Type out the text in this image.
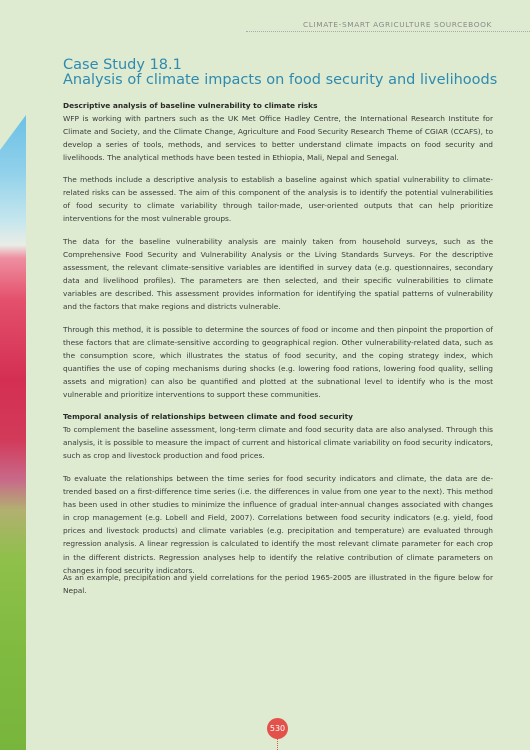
CLIMATE-SMART AGRICULTURE SOURCEBOOK
Case Study 18.1
Analysis of climate impacts on food security and livelihoods
Descriptive analysis of baseline vulnerability to climate risks
WFP is working with partners such as the UK Met Office Hadley Centre, the International Research Institute for Climate and Society, and the Climate Change, Agriculture and Food Security Research Theme of CGIAR (CCAFS), to develop a series of tools, methods, and services to better understand climate impacts on food security and livelihoods. The analytical methods have been tested in Ethiopia, Mali, Nepal and Senegal.
The methods include a descriptive analysis to establish a baseline against which spatial vulnerability to climate-related risks can be assessed. The aim of this component of the analysis is to identify the potential vulnerabilities of food security to climate variability through tailor-made, user-oriented outputs that can help prioritize interventions for the most vulnerable groups.
The data for the baseline vulnerability analysis are mainly taken from household surveys, such as the Comprehensive Food Security and Vulnerability Analysis or the Living Standards Surveys. For the descriptive assessment, the relevant climate-sensitive variables are identified in survey data (e.g. questionnaires, secondary data and livelihood profiles). The parameters are then selected, and their specific vulnerabilities to climate variables are described. This assessment provides information for identifying the spatial patterns of vulnerability and the factors that make regions and districts vulnerable.
Through this method, it is possible to determine the sources of food or income and then pinpoint the proportion of these factors that are climate-sensitive according to geographical region. Other vulnerability-related data, such as the consumption score, which illustrates the status of food security, and the coping strategy index, which quantifies the use of coping mechanisms during shocks (e.g. lowering food rations, lowering food quality, selling assets and migration) can also be quantified and plotted at the subnational level to identify who is the most vulnerable and prioritize interventions to support these communities.
Temporal analysis of relationships between climate and food security
To complement the baseline assessment, long-term climate and food security data are also analysed. Through this analysis, it is possible to measure the impact of current and historical climate variability on food security indicators, such as crop and livestock production and food prices.
To evaluate the relationships between the time series for food security indicators and climate, the data are de-trended based on a first-difference time series (i.e. the differences in value from one year to the next). This method has been used in other studies to minimize the influence of gradual inter-annual changes associated with changes in crop management (e.g. Lobell and Field, 2007). Correlations between food security indicators (e.g. yield, food prices and livestock products) and climate variables (e.g. precipitation and temperature) are evaluated through regression analysis. A linear regression is calculated to identify the most relevant climate parameter for each crop in the different districts. Regression analyses help to identify the relative contribution of climate parameters on changes in food security indicators.
As an example, precipitation and yield correlations for the period 1965-2005 are illustrated in the figure below for Nepal.
530
